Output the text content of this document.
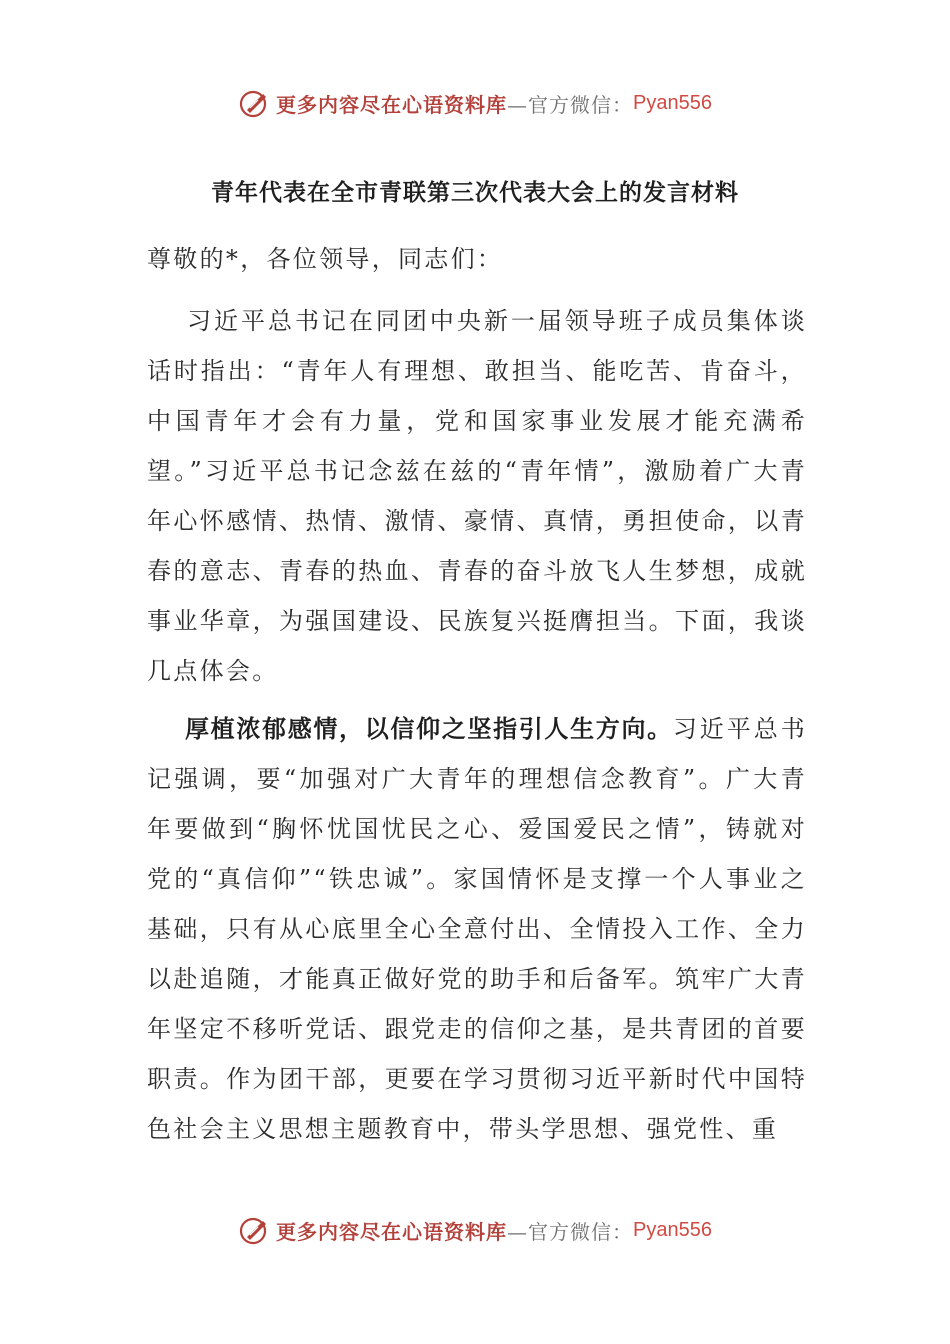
更多内容尽在心语资料库 —官方微信： Pyan556
青年代表在全市青联第三次代表大会上的发言材料
尊敬的*，各位领导，同志们：
习近平总书记在同团中央新一届领导班子成员集体谈话时指出：“青年人有理想、敢担当、能吃苦、肯奋斗，中国青年才会有力量，党和国家事业发展才能充满希望。”习近平总书记念兹在兹的“青年情”，激励着广大青年心怀感情、热情、激情、豪情、真情，勇担使命，以青春的意志、青春的热血、青春的奋斗放飞人生梦想，成就事业华章，为强国建设、民族复兴挺膺担当。下面，我谈几点体会。
厚植浓郁感情，以信仰之坚指引人生方向。习近平总书记强调，要“加强对广大青年的理想信念教育”。广大青年要做到“胸怀忧国忧民之心、爱国爱民之情”，铸就对党的“真信仰”“铁忠诚”。家国情怀是支撑一个人事业之基础，只有从心底里全心全意付出、全情投入工作、全力以赴追随，才能真正做好党的助手和后备军。筑牢广大青年坚定不移听党话、跟党走的信仰之基，是共青团的首要职责。作为团干部，更要在学习贯彻习近平新时代中国特色社会主义思想主题教育中，带头学思想、强党性、重
更多内容尽在心语资料库 —官方微信： Pyan556
